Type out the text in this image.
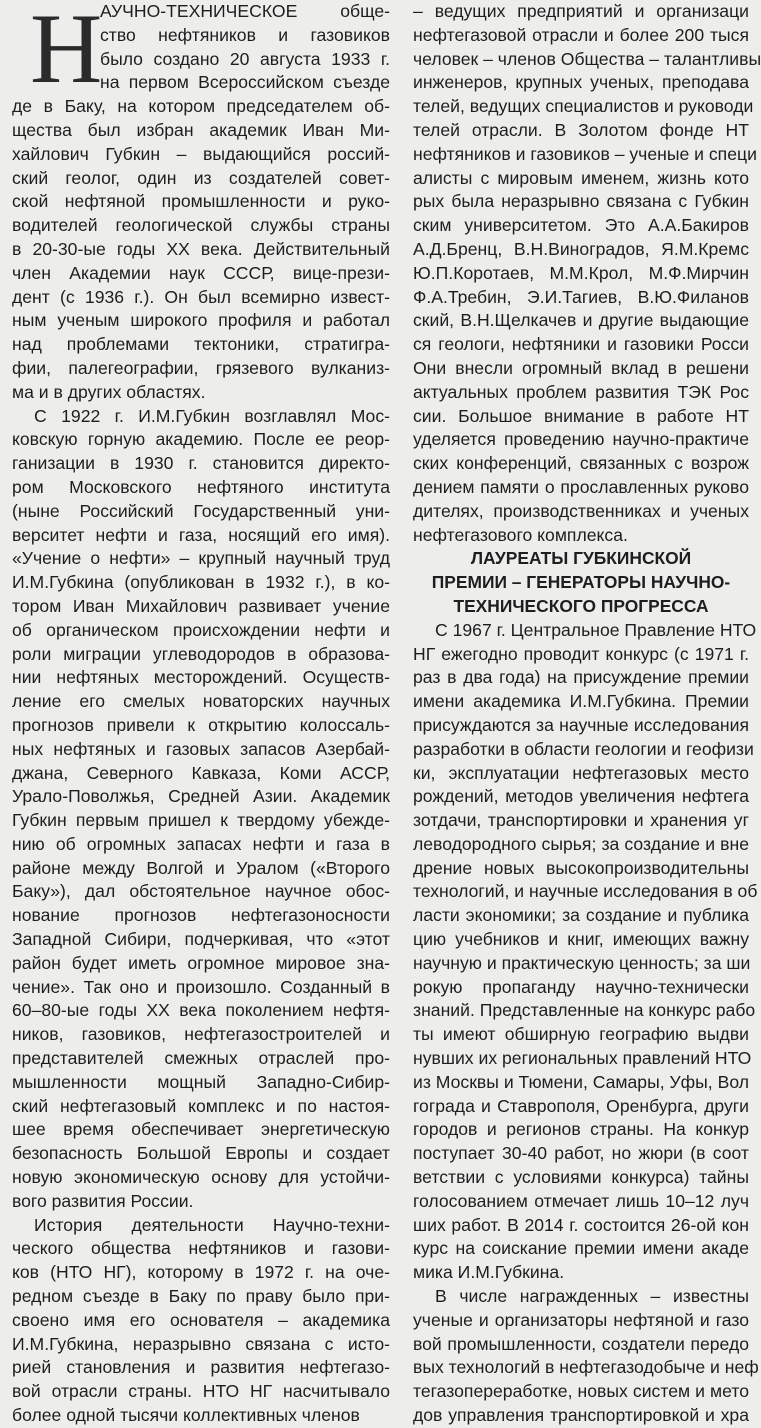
Н
АУЧНО-ТЕХНИЧЕСКОЕ обще-
ство нефтяников и газовиков
было создано 20 августа 1933 г.
на первом Всероссийском съезде
де в Баку, на котором председателем об-
щества был избран академик Иван Ми-
хайлович Губкин – выдающийся россий-
ский геолог, один из создателей совет-
ской нефтяной промышленности и руко-
водителей геологической службы страны
в 20-30-ые годы ХХ века. Действительный
член Академии наук СССР, вице-прези-
дент (с 1936 г.). Он был всемирно извест-
ным ученым широкого профиля и работал
над проблемами тектоники, стратигра-
фии, палегеографии, грязевого вулканиз-
ма и в других областях.
С 1922 г. И.М.Губкин возглавлял Мос-
ковскую горную академию. После ее реор-
ганизации в 1930 г. становится директо-
ром Московского нефтяного института
(ныне Российский Государственный уни-
верситет нефти и газа, носящий его имя).
«Учение о нефти» – крупный научный труд
И.М.Губкина (опубликован в 1932 г.), в ко-
тором Иван Михайлович развивает учение
об органическом происхождении нефти и
роли миграции углеводородов в образова-
нии нефтяных месторождений. Осуществ-
ление его смелых новаторских научных
прогнозов привели к открытию колоссаль-
ных нефтяных и газовых запасов Азербай-
джана, Северного Кавказа, Коми АССР,
Урало-Поволжья, Средней Азии. Академик
Губкин первым пришел к твердому убежде-
нию об огромных запасах нефти и газа в
районе между Волгой и Уралом («Второго
Баку»), дал обстоятельное научное обос-
нование прогнозов нефтегазоносности
Западной Сибири, подчеркивая, что «этот
район будет иметь огромное мировое зна-
чение». Так оно и произошло. Созданный в
60–80-ые годы ХХ века поколением нефтя-
ников, газовиков, нефтегазостроителей и
представителей смежных отраслей про-
мышленности мощный Западно-Сибир-
ский нефтегазовый комплекс и по настоя-
шее время обеспечивает энергетическую
безопасность Большой Европы и создает
новую экономическую основу для устойчи-
вого развития России.
История деятельности Научно-техни-
ческого общества нефтяников и газови-
ков (НТО НГ), которому в 1972 г. на оче-
редном съезде в Баку по праву было при-
своено имя его основателя – академика
И.М.Губкина, неразрывно связана с исто-
рией становления и развития нефтегазо-
вой отрасли страны. НТО НГ насчитывало
более одной тысячи коллективных членов
– ведущих предприятий и организаци
нефтегазовой отрасли и более 200 тыся
человек – членов Общества – талантливы
инженеров, крупных ученых, преподава
телей, ведущих специалистов и руководи
телей отрасли. В Золотом фонде НТ
нефтяников и газовиков – ученые и специ
алисты с мировым именем, жизнь кото
рых была неразрывно связана с Губкин
ским университетом. Это А.А.Бакиров
А.Д.Бренц, В.Н.Виноградов, Я.М.Кремс
Ю.П.Коротаев, М.М.Крол, М.Ф.Мирчин
Ф.А.Требин, Э.И.Тагиев, В.Ю.Филанов
ский, В.Н.Щелкачев и другие выдающие
ся геологи, нефтяники и газовики Росси
Они внесли огромный вклад в решени
актуальных проблем развития ТЭК Рос
сии. Большое внимание в работе НТ
уделяется проведению научно-практиче
ских конференций, связанных с возрож
дением памяти о прославленных руково
дителях, производственниках и ученых
нефтегазового комплекса.
ЛАУРЕАТЫ ГУБКИНСКОЙ
ПРЕМИИ – ГЕНЕРАТОРЫ НАУЧНО-
ТЕХНИЧЕСКОГО ПРОГРЕССА
С 1967 г. Центральное Правление НТО
НГ ежегодно проводит конкурс (с 1971 г.
раз в два года) на присуждение премии
имени академика И.М.Губкина. Премии
присуждаются за научные исследования
разработки в области геологии и геофизи
ки, эксплуатации нефтегазовых место
рождений, методов увеличения нефтега
зотдачи, транспортировки и хранения уг
леводородного сырья; за создание и вне
дрение новых высокопроизводительны
технологий, и научные исследования в об
ласти экономики; за создание и публика
цию учебников и книг, имеющих важну
научную и практическую ценность; за ши
рокую пропаганду научно-технически
знаний. Представленные на конкурс рабо
ты имеют обширную географию выдви
нувших их региональных правлений НТО
из Москвы и Тюмени, Самары, Уфы, Вол
гограда и Ставрополя, Оренбурга, други
городов и регионов страны. На конкур
поступает 30-40 работ, но жюри (в соот
ветствии с условиями конкурса) тайны
голосованием отмечает лишь 10–12 луч
ших работ. В 2014 г. состоится 26-ой кон
курс на соискание премии имени акаде
мика И.М.Губкина.
В числе награжденных – известны
ученые и организаторы нефтяной и газо
вой промышленности, создатели передо
вых технологий в нефтегазодобыче и неф
тегазопереработке, новых систем и мето
дов управления транспортировкой и хра
